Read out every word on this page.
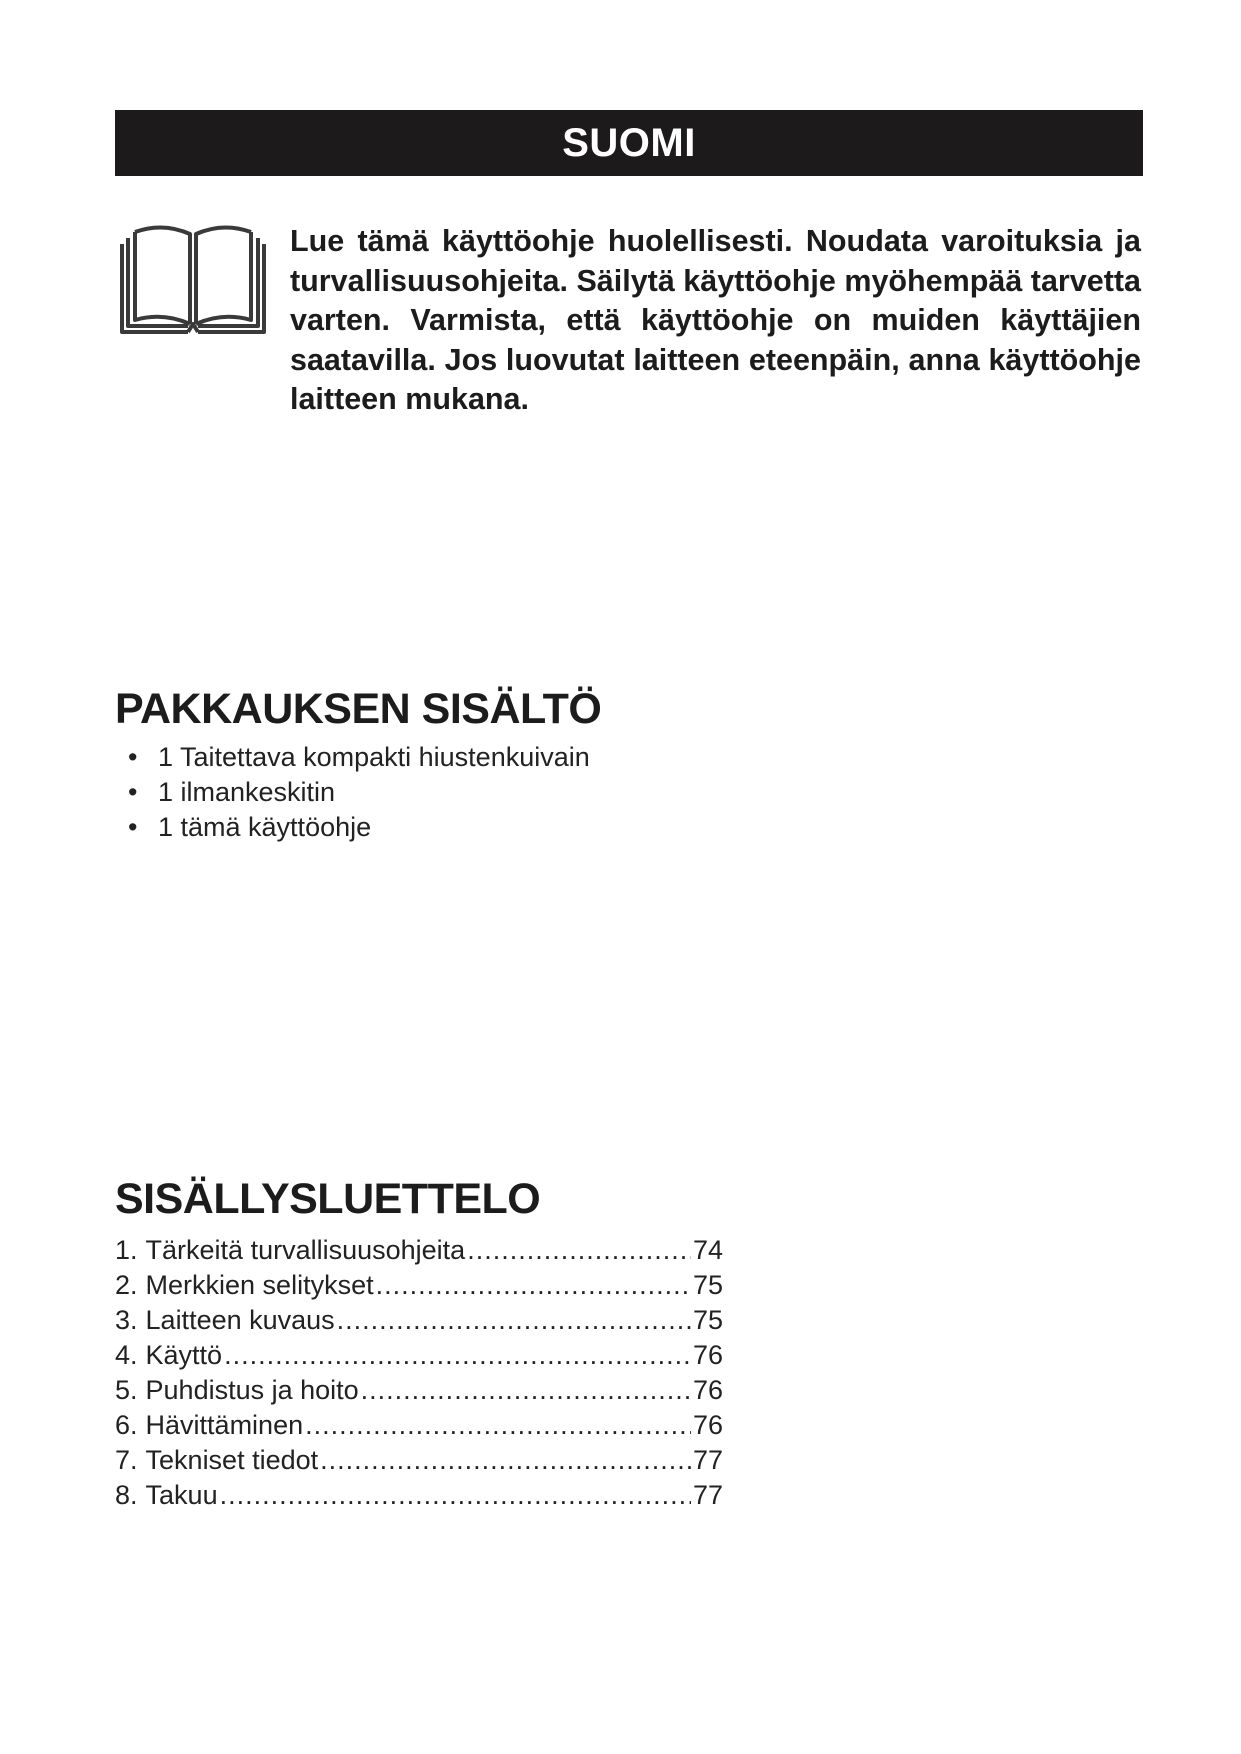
SUOMI

Lue tämä käyttöohje huolellisesti. Noudata varoituksia ja turvallisuusohjeita. Säilytä käyttöohje myöhempää tarvetta varten. Varmista, että käyttöohje on muiden käyttäjien saatavilla. Jos luovutat laitteen eteenpäin, anna käyttöohje laitteen mukana.

PAKKAUKSEN SISÄLTÖ
• 1 Taitettava kompakti hiustenkuivain
• 1 ilmankeskitin
• 1 tämä käyttöohje
SISÄLLYSLUETTELO
1. Tärkeitä turvallisuusohjeita .....	74
2. Merkkien selitykset .....	75
3. Laitteen kuvaus .....	75
4. Käyttö .....	76
5. Puhdistus ja hoito .....	76
6. Hävittäminen .....	76
7. Tekniset tiedot .....	77
8. Takuu .....	77
